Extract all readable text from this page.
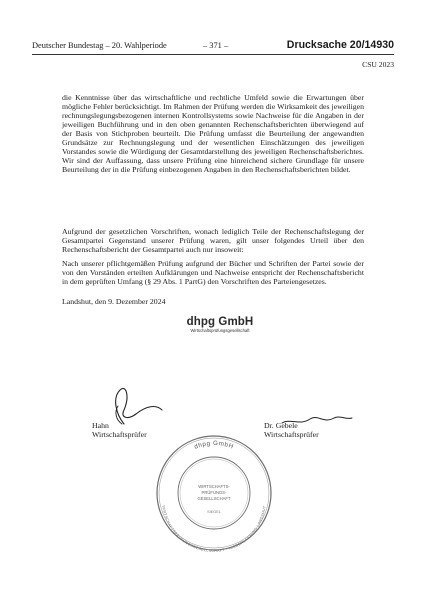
Deutscher Bundestag – 20. Wahlperiode	– 371 –	Drucksache 20/14930
CSU 2023

die Kenntnisse über das wirtschaftliche und rechtliche Umfeld sowie die Erwartungen über mögliche Fehler berücksichtigt. Im Rahmen der Prüfung werden die Wirksamkeit des jeweiligen rechnungslegungsbezogenen internen Kontrollsystems sowie Nachweise für die Angaben in der jeweiligen Buchführung und in den oben genannten Rechenschaftsberichten überwiegend auf der Basis von Stichproben beurteilt. Die Prüfung umfasst die Beurteilung der angewandten Grundsätze zur Rechnungslegung und der wesentlichen Einschätzungen des jeweiligen Vorstandes sowie die Würdigung der Gesamtdarstellung des jeweiligen Rechenschaftsberichtes. Wir sind der Auffassung, dass unsere Prüfung eine hinreichend sichere Grundlage für unsere Beurteilung der in die Prüfung einbezogenen Angaben in den Rechenschaftsberichten bildet.

Aufgrund der gesetzlichen Vorschriften, wonach lediglich Teile der Rechenschaftslegung der Gesamtpartei Gegenstand unserer Prüfung waren, gilt unser folgendes Urteil über den Rechenschaftsbericht der Gesamtpartei auch nur insoweit:

Nach unserer pflichtgemäßen Prüfung aufgrund der Bücher und Schriften der Partei sowie der von den Vorständen erteilten Aufklärungen und Nachweise entspricht der Rechenschaftsbericht in dem geprüften Umfang (§ 29 Abs. 1 PartG) den Vorschriften des Parteiengesetzes.

Landshut, den 9. Dezember 2024
dhpg GmbH
Wirtschaftsprüfungsgesellschaft
dhpg GmbH
WIRTSCHAFTSPRÜFUNGSGESELLSCHAFT · NIEDERLASSUNG LANDSHUT
WIRTSCHAFTS-
PRÜFUNGS-
GESELLSCHAFT
SIEGEL
Hahn
Wirtschaftsprüfer
Dr. Gebele
Wirtschaftsprüfer
